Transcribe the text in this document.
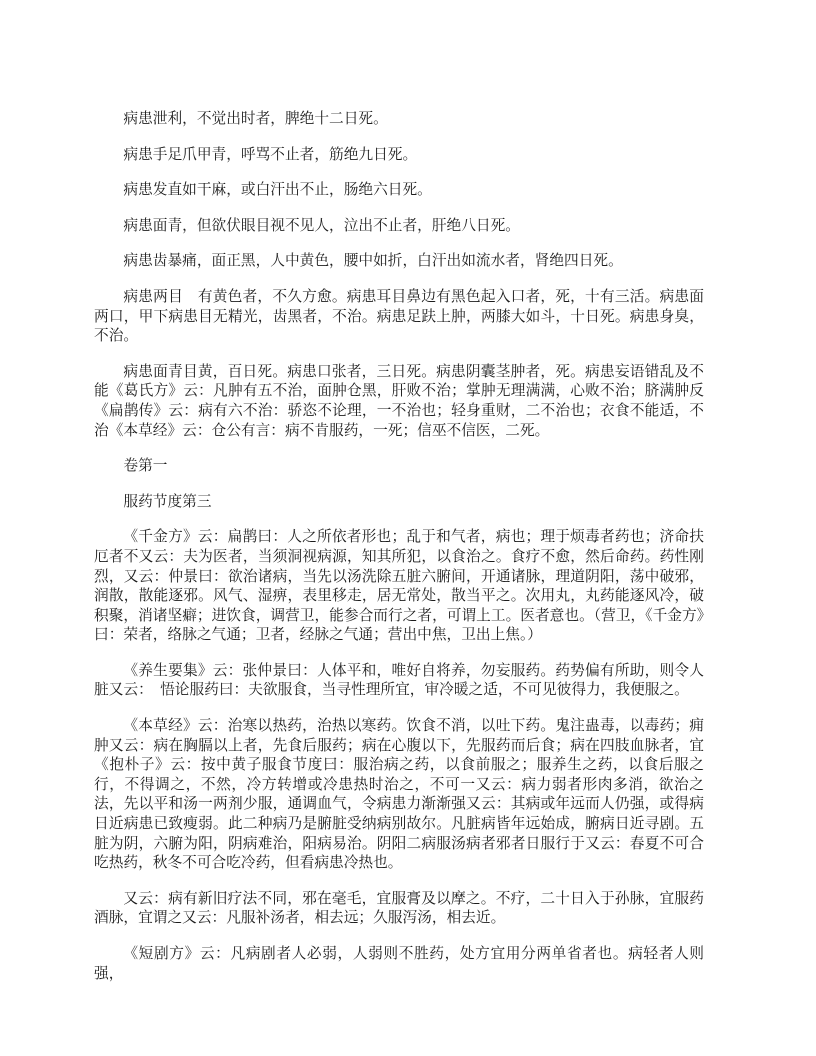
病患泄利，不觉出时者，脾绝十二日死。

病患手足爪甲青，呼骂不止者，筋绝九日死。

病患发直如干麻，或白汗出不止，肠绝六日死。

病患面青，但欲伏眼目视不见人，泣出不止者，肝绝八日死。

病患齿暴痛，面正黑，人中黄色，腰中如折，白汗出如流水者，肾绝四日死。

病患两目　有黄色者，不久方愈。病患耳目鼻边有黑色起入口者，死，十有三活。病患面两口，甲下病患目无精光，齿黑者，不治。病患足趺上肿，两膝大如斗，十日死。病患身臭，不治。

病患面青目黄，百日死。病患口张者，三日死。病患阴囊茎肿者，死。病患妄语错乱及不能《葛氏方》云：凡肿有五不治，面肿仓黑，肝败不治；掌肿无理满满，心败不治；脐满肿反《扁鹊传》云：病有六不治：骄恣不论理，一不治也；轻身重财，二不治也；衣食不能适，不治《本草经》云：仓公有言：病不肯服药，一死；信巫不信医，二死。

卷第一

服药节度第三

《千金方》云：扁鹊曰：人之所依者形也；乱于和气者，病也；理于烦毒者药也；济命扶厄者不又云：夫为医者，当须洞视病源，知其所犯，以食治之。食疗不愈，然后命药。药性刚烈，又云：仲景曰：欲治诸病，当先以汤洗除五脏六腑间，开通诸脉，理道阴阳，荡中破邪，润散，散能逐邪。风气、湿痹，表里移走，居无常处，散当平之。次用丸，丸药能逐风冷，破积聚，消诸坚癖；进饮食，调营卫，能参合而行之者，可谓上工。医者意也。（营卫，《千金方》曰：荣者，络脉之气通；卫者，经脉之气通；营出中焦，卫出上焦。）

《养生要集》云：张仲景曰：人体平和，唯好自将养，勿妄服药。药势偏有所助，则令人脏又云：　悟论服药曰：夫欲服食，当寻性理所宜，审冷暖之适，不可见彼得力，我便服之。

《本草经》云：治寒以热药，治热以寒药。饮食不消，以吐下药。鬼注蛊毒，以毒药；痈肿又云：病在胸膈以上者，先食后服药；病在心腹以下，先服药而后食；病在四肢血脉者，宜《抱朴子》云：按中黄子服食节度曰：服治病之药，以食前服之；服养生之药，以食后服之行，不得调之，不然，冷方转增或冷患热时治之，不可一又云：病力弱者形肉多消，欲治之法，先以平和汤一两剂少服，通调血气，令病患力渐渐强又云：其病或年远而人仍强，或得病日近病患已致瘦弱。此二种病乃是腑脏受纳病别故尔。凡脏病皆年远始成，腑病日近寻剧。五脏为阴，六腑为阳，阴病难治，阳病易治。阴阳二病服汤病者邪者日服行于又云：春夏不可合吃热药，秋冬不可合吃冷药，但看病患冷热也。

又云：病有新旧疗法不同，邪在毫毛，宜服膏及以摩之。不疗，二十日入于孙脉，宜服药酒脉，宜谓之又云：凡服补汤者，相去远；久服泻汤，相去近。

《短剧方》云：凡病剧者人必弱，人弱则不胜药，处方宜用分两单省者也。病轻者人则强，
